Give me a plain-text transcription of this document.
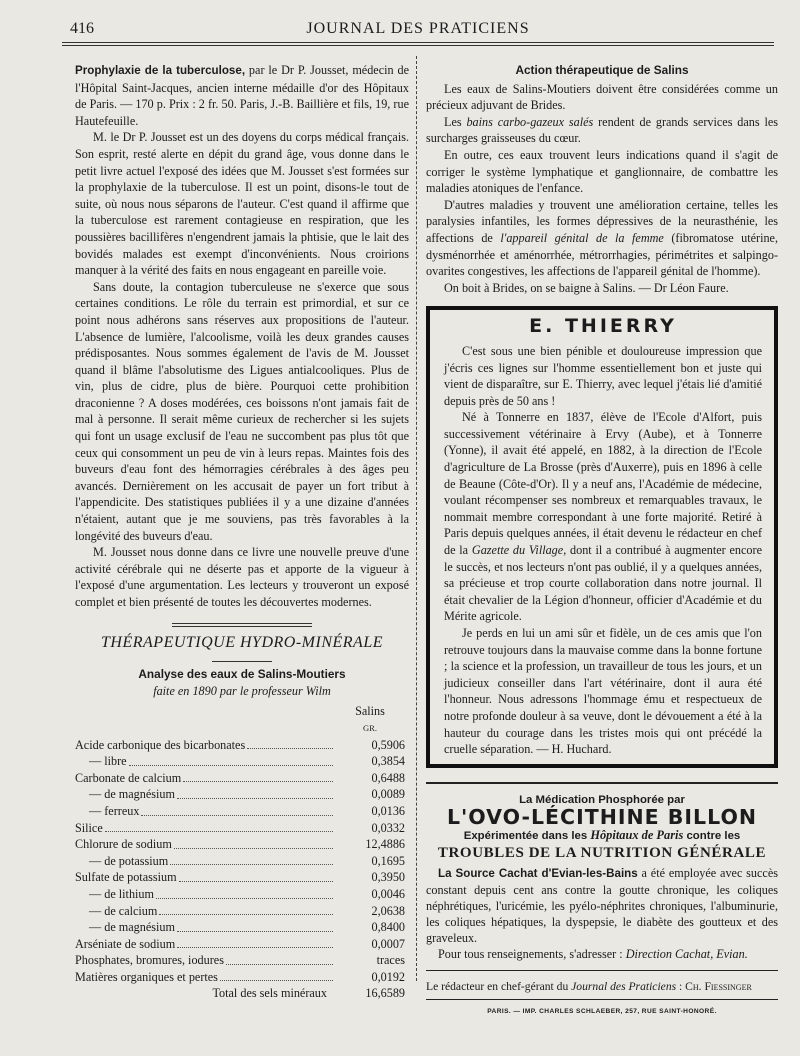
416	JOURNAL DES PRATICIENS

Prophylaxie de la tuberculose, par le Dr P. Jousset, médecin de l'Hôpital Saint-Jacques, ancien interne médaille d'or des Hôpitaux de Paris. — 170 p. Prix : 2 fr. 50. Paris, J.-B. Baillière et fils, 19, rue Hautefeuille.

M. le Dr P. Jousset est un des doyens du corps médical français. Son esprit, resté alerte en dépit du grand âge, vous donne dans le petit livre actuel l'exposé des idées que M. Jousset s'est formées sur la prophylaxie de la tuberculose. Il est un point, disons-le tout de suite, où nous nous séparons de l'auteur. C'est quand il affirme que la tuberculose est rarement contagieuse en respiration, que les poussières bacillifères n'engendrent jamais la phtisie, que le lait des bovidés malades est exempt d'inconvénients. Nous croirions manquer à la vérité des faits en nous engageant en pareille voie.

Sans doute, la contagion tuberculeuse ne s'exerce que sous certaines conditions. Le rôle du terrain est primordial, et sur ce point nous adhérons sans réserves aux propositions de l'auteur. L'absence de lumière, l'alcoolisme, voilà les deux grandes causes prédisposantes. Nous sommes également de l'avis de M. Jousset quand il blâme l'absolutisme des Ligues antialcooliques. Plus de vin, plus de cidre, plus de bière. Pourquoi cette prohibition draconienne ? A doses modérées, ces boissons n'ont jamais fait de mal à personne. Il serait même curieux de rechercher si les sujets qui font un usage exclusif de l'eau ne succombent pas plus tôt que ceux qui consomment un peu de vin à leurs repas. Maintes fois des buveurs d'eau font des hémorragies cérébrales à des âges peu avancés. Dernièrement on les accusait de payer un fort tribut à l'appendicite. Des statistiques publiées il y a une dizaine d'années n'étaient, autant que je me souviens, pas très favorables à la longévité des buveurs d'eau.

M. Jousset nous donne dans ce livre une nouvelle preuve d'une activité cérébrale qui ne déserte pas et apporte de la vigueur à l'exposé d'une argumentation. Les lecteurs y trouveront un exposé complet et bien présenté de toutes les découvertes modernes.

THÉRAPEUTIQUE HYDRO-MINÉRALE
Analyse des eaux de Salins-Moutiers
faite en 1890 par le professeur Wilm
	Salins
	GR.

Acide carbonique des bicarbonates	0,5906

— libre	0,3854

Carbonate de calcium	0,6488

— de magnésium	0,0089

— ferreux	0,0136

Silice	0,0332

Chlorure de sodium	12,4886

— de potassium	0,1695

Sulfate de potassium	0,3950

— de lithium	0,0046

— de calcium	2,0638

— de magnésium	0,8400

Arséniate de sodium	0,0007

Phosphates, bromures, iodures	traces

Matières organiques et pertes	0,0192
Total des sels minéraux	16,6589
Action thérapeutique de Salins

Les eaux de Salins-Moutiers doivent être considérées comme un précieux adjuvant de Brides.

Les bains carbo-gazeux salés rendent de grands services dans les surcharges graisseuses du cœur.

En outre, ces eaux trouvent leurs indications quand il s'agit de corriger le système lymphatique et ganglionnaire, de combattre les maladies atoniques de l'enfance.

D'autres maladies y trouvent une amélioration certaine, telles les paralysies infantiles, les formes dépressives de la neurasthénie, les affections de l'appareil génital de la femme (fibromatose utérine, dysménorrhée et aménorrhée, métrorrhagies, périmétrites et salpingo-ovarites congestives, les affections de l'appareil génital de l'homme).

On boit à Brides, on se baigne à Salins. — Dr Léon Faure.

E. THIERRY

C'est sous une bien pénible et douloureuse impression que j'écris ces lignes sur l'homme essentiellement bon et juste qui vient de disparaître, sur E. Thierry, avec lequel j'étais lié d'amitié depuis près de 50 ans !

Né à Tonnerre en 1837, élève de l'Ecole d'Alfort, puis successivement vétérinaire à Ervy (Aube), et à Tonnerre (Yonne), il avait été appelé, en 1882, à la direction de l'Ecole d'agriculture de La Brosse (près d'Auxerre), puis en 1896 à celle de Beaune (Côte-d'Or). Il y a neuf ans, l'Académie de médecine, voulant récompenser ses nombreux et remarquables travaux, le nommait membre correspondant à une forte majorité. Retiré à Paris depuis quelques années, il était devenu le rédacteur en chef de la Gazette du Village, dont il a contribué à augmenter encore le succès, et nos lecteurs n'ont pas oublié, il y a quelques années, sa précieuse et trop courte collaboration dans notre journal. Il était chevalier de la Légion d'honneur, officier d'Académie et du Mérite agricole.

Je perds en lui un ami sûr et fidèle, un de ces amis que l'on retrouve toujours dans la mauvaise comme dans la bonne fortune ; la science et la profession, un travailleur de tous les jours, et un judicieux conseiller dans l'art vétérinaire, dont il aura été l'honneur. Nous adressons l'hommage ému et respectueux de notre profonde douleur à sa veuve, dont le dévouement a été à la hauteur du courage dans les tristes mois qui ont précédé la cruelle séparation. — H. Huchard.

La Médication Phosphorée par
L'OVO-LÉCITHINE BILLON
Expérimentée dans les Hôpitaux de Paris contre les
TROUBLES DE LA NUTRITION GÉNÉRALE

La Source Cachat d'Evian-les-Bains a été employée avec succès constant depuis cent ans contre la goutte chronique, les coliques néphrétiques, l'uricémie, les pyélo-néphrites chroniques, l'albuminurie, les coliques hépatiques, la dyspepsie, le diabète des goutteux et des graveleux.

Pour tous renseignements, s'adresser : Direction Cachat, Evian.

Le rédacteur en chef-gérant du Journal des Praticiens : Ch. Fiessinger
PARIS. — IMP. CHARLES SCHLAEBER, 257, RUE SAINT-HONORÉ.
